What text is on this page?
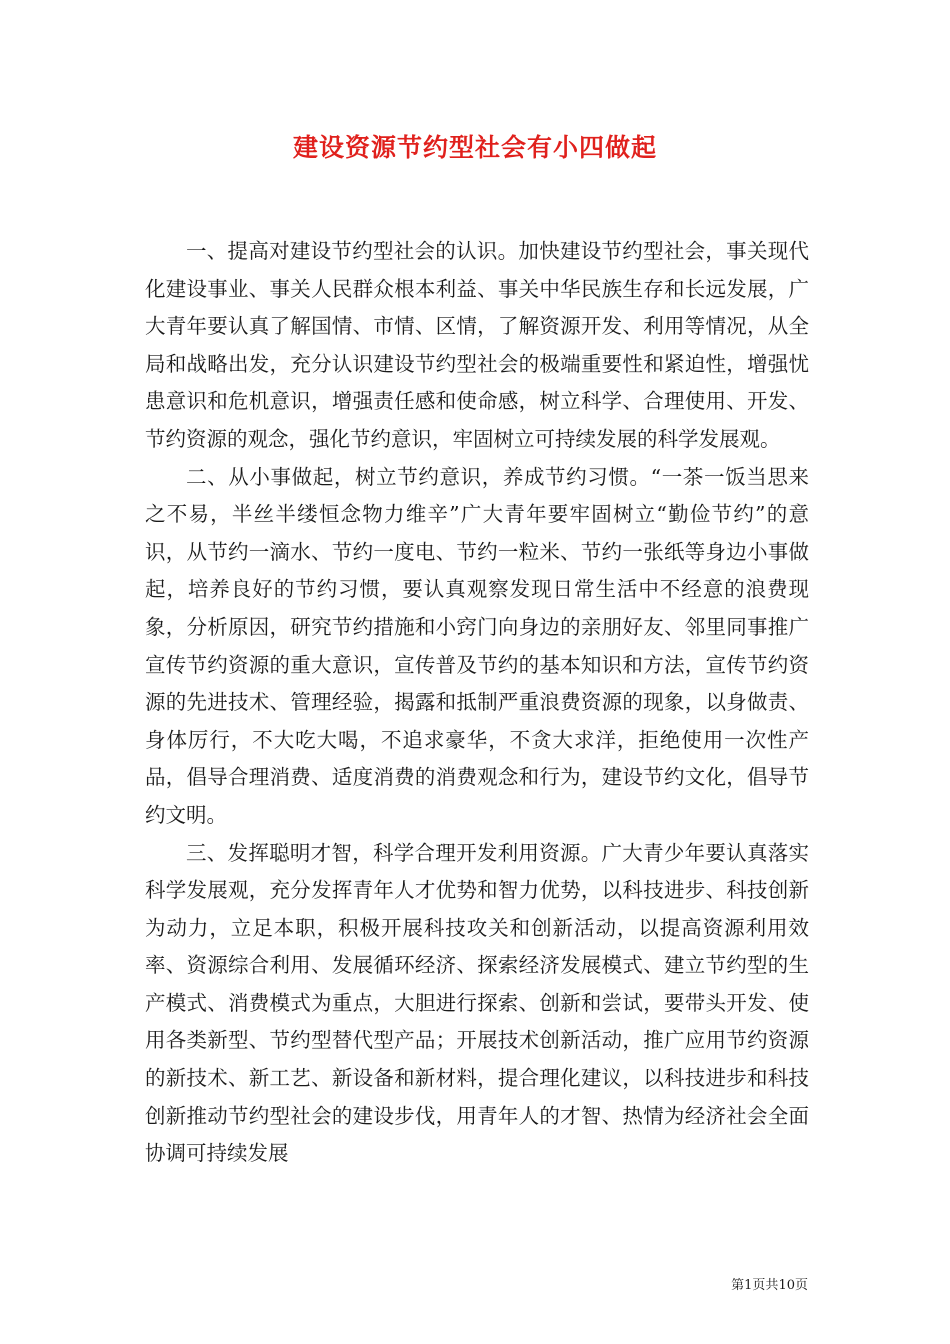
建设资源节约型社会有小四做起

一、提高对建设节约型社会的认识。加快建设节约型社会，事关现代化建设事业、事关人民群众根本利益、事关中华民族生存和长远发展，广大青年要认真了解国情、市情、区情，了解资源开发、利用等情况，从全局和战略出发，充分认识建设节约型社会的极端重要性和紧迫性，增强忧患意识和危机意识，增强责任感和使命感，树立科学、合理使用、开发、节约资源的观念，强化节约意识，牢固树立可持续发展的科学发展观。

二、从小事做起，树立节约意识，养成节约习惯。“一茶一饭当思来之不易，半丝半缕恒念物力维辛”广大青年要牢固树立“勤俭节约”的意识，从节约一滴水、节约一度电、节约一粒米、节约一张纸等身边小事做起，培养良好的节约习惯，要认真观察发现日常生活中不经意的浪费现象，分析原因，研究节约措施和小窍门向身边的亲朋好友、邻里同事推广宣传节约资源的重大意识，宣传普及节约的基本知识和方法，宣传节约资源的先进技术、管理经验，揭露和抵制严重浪费资源的现象，以身做责、身体厉行，不大吃大喝，不追求豪华，不贪大求洋，拒绝使用一次性产品，倡导合理消费、适度消费的消费观念和行为，建设节约文化，倡导节约文明。

三、发挥聪明才智，科学合理开发利用资源。广大青少年要认真落实科学发展观，充分发挥青年人才优势和智力优势，以科技进步、科技创新为动力，立足本职，积极开展科技攻关和创新活动，以提高资源利用效率、资源综合利用、发展循环经济、探索经济发展模式、建立节约型的生产模式、消费模式为重点，大胆进行探索、创新和尝试，要带头开发、使用各类新型、节约型替代型产品；开展技术创新活动，推广应用节约资源的新技术、新工艺、新设备和新材料，提合理化建议，以科技进步和科技创新推动节约型社会的建设步伐，用青年人的才智、热情为经济社会全面协调可持续发展

第1页共10页
